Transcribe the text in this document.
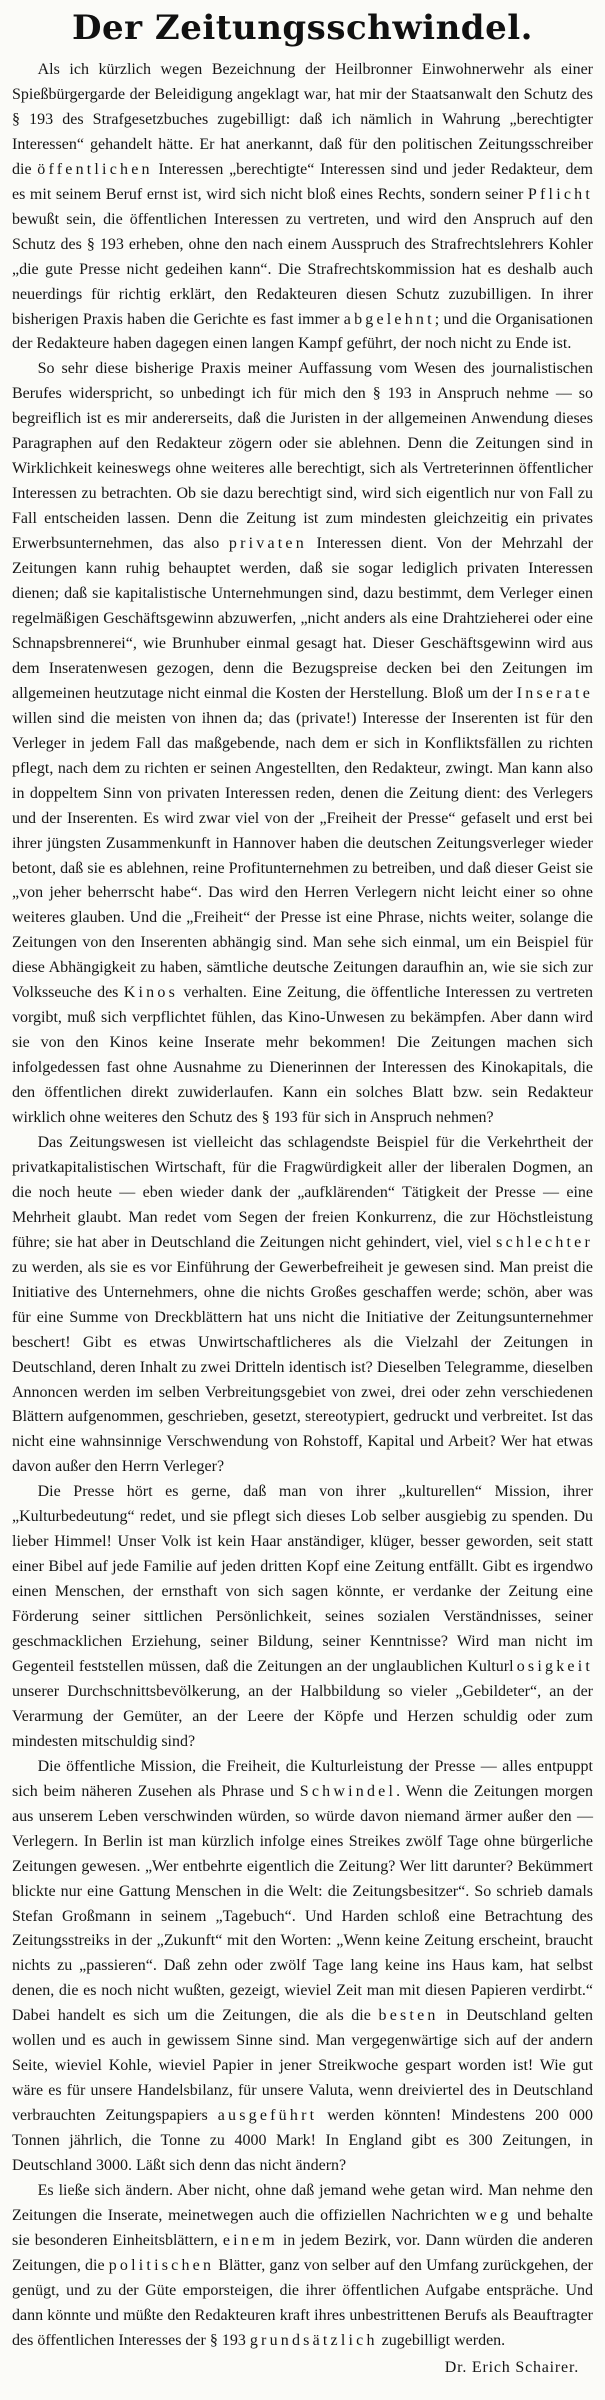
Der Zeitungsschwindel.

Als ich kürzlich wegen Bezeichnung der Heilbronner Einwohnerwehr als einer Spießbürgergarde der Beleidigung angeklagt war, hat mir der Staatsanwalt den Schutz des § 193 des Strafgesetzbuches zugebilligt: daß ich nämlich in Wahrung „berechtigter Interessen“ gehandelt hätte. Er hat anerkannt, daß für den politischen Zeitungsschreiber die öffentlichen Interessen „berechtigte“ Interessen sind und jeder Redakteur, dem es mit seinem Beruf ernst ist, wird sich nicht bloß eines Rechts, sondern seiner Pflicht bewußt sein, die öffentlichen Interessen zu vertreten, und wird den Anspruch auf den Schutz des § 193 erheben, ohne den nach einem Ausspruch des Strafrechtslehrers Kohler „die gute Presse nicht gedeihen kann“. Die Strafrechtskommission hat es deshalb auch neuerdings für richtig erklärt, den Redakteuren diesen Schutz zuzubilligen. In ihrer bisherigen Praxis haben die Gerichte es fast immer abgelehnt; und die Organisationen der Redakteure haben dagegen einen langen Kampf geführt, der noch nicht zu Ende ist.

So sehr diese bisherige Praxis meiner Auffassung vom Wesen des journalistischen Berufes widerspricht, so unbedingt ich für mich den § 193 in Anspruch nehme — so begreiflich ist es mir andererseits, daß die Juristen in der allgemeinen Anwendung dieses Paragraphen auf den Redakteur zögern oder sie ablehnen. Denn die Zeitungen sind in Wirklichkeit keineswegs ohne weiteres alle berechtigt, sich als Vertreterinnen öffentlicher Interessen zu betrachten. Ob sie dazu berechtigt sind, wird sich eigentlich nur von Fall zu Fall entscheiden lassen. Denn die Zeitung ist zum mindesten gleichzeitig ein privates Erwerbsunternehmen, das also privaten Interessen dient. Von der Mehrzahl der Zeitungen kann ruhig behauptet werden, daß sie sogar lediglich privaten Interessen dienen; daß sie kapitalistische Unternehmungen sind, dazu bestimmt, dem Verleger einen regelmäßigen Geschäftsgewinn abzuwerfen, „nicht anders als eine Drahtzieherei oder eine Schnapsbrennerei“, wie Brunhuber einmal gesagt hat. Dieser Geschäftsgewinn wird aus dem Inseratenwesen gezogen, denn die Bezugspreise decken bei den Zeitungen im allgemeinen heutzutage nicht einmal die Kosten der Herstellung. Bloß um der Inserate willen sind die meisten von ihnen da; das (private!) Interesse der Inserenten ist für den Verleger in jedem Fall das maßgebende, nach dem er sich in Konfliktsfällen zu richten pflegt, nach dem zu richten er seinen Angestellten, den Redakteur, zwingt. Man kann also in doppeltem Sinn von privaten Interessen reden, denen die Zeitung dient: des Verlegers und der Inserenten. Es wird zwar viel von der „Freiheit der Presse“ gefaselt und erst bei ihrer jüngsten Zusammenkunft in Hannover haben die deutschen Zeitungsverleger wieder betont, daß sie es ablehnen, reine Profitunternehmen zu betreiben, und daß dieser Geist sie „von jeher beherrscht habe“. Das wird den Herren Verlegern nicht leicht einer so ohne weiteres glauben. Und die „Freiheit“ der Presse ist eine Phrase, nichts weiter, solange die Zeitungen von den Inserenten abhängig sind. Man sehe sich einmal, um ein Beispiel für diese Abhängigkeit zu haben, sämtliche deutsche Zeitungen daraufhin an, wie sie sich zur Volksseuche des Kinos verhalten. Eine Zeitung, die öffentliche Interessen zu vertreten vorgibt, muß sich verpflichtet fühlen, das Kino-Unwesen zu bekämpfen. Aber dann wird sie von den Kinos keine Inserate mehr bekommen! Die Zeitungen machen sich infolgedessen fast ohne Ausnahme zu Dienerinnen der Interessen des Kinokapitals, die den öffentlichen direkt zuwiderlaufen. Kann ein solches Blatt bzw. sein Redakteur wirklich ohne weiteres den Schutz des § 193 für sich in Anspruch nehmen?

Das Zeitungswesen ist vielleicht das schlagendste Beispiel für die Verkehrtheit der privatkapitalistischen Wirtschaft, für die Fragwürdigkeit aller der liberalen Dogmen, an die noch heute — eben wieder dank der „aufklärenden“ Tätigkeit der Presse — eine Mehrheit glaubt. Man redet vom Segen der freien Konkurrenz, die zur Höchstleistung führe; sie hat aber in Deutschland die Zeitungen nicht gehindert, viel, viel schlechter zu werden, als sie es vor Einführung der Gewerbefreiheit je gewesen sind. Man preist die Initiative des Unternehmers, ohne die nichts Großes geschaffen werde; schön, aber was für eine Summe von Dreckblättern hat uns nicht die Initiative der Zeitungsunternehmer beschert! Gibt es etwas Unwirtschaftlicheres als die Vielzahl der Zeitungen in Deutschland, deren Inhalt zu zwei Dritteln identisch ist? Dieselben Telegramme, dieselben Annoncen werden im selben Verbreitungsgebiet von zwei, drei oder zehn verschiedenen Blättern aufgenommen, geschrieben, gesetzt, stereotypiert, gedruckt und verbreitet. Ist das nicht eine wahnsinnige Verschwendung von Rohstoff, Kapital und Arbeit? Wer hat etwas davon außer den Herrn Verleger?

Die Presse hört es gerne, daß man von ihrer „kulturellen“ Mission, ihrer „Kulturbedeutung“ redet, und sie pflegt sich dieses Lob selber ausgiebig zu spenden. Du lieber Himmel! Unser Volk ist kein Haar anständiger, klüger, besser geworden, seit statt einer Bibel auf jede Familie auf jeden dritten Kopf eine Zeitung entfällt. Gibt es irgendwo einen Menschen, der ernsthaft von sich sagen könnte, er verdanke der Zeitung eine Förderung seiner sittlichen Persönlichkeit, seines sozialen Verständnisses, seiner geschmacklichen Erziehung, seiner Bildung, seiner Kenntnisse? Wird man nicht im Gegenteil feststellen müssen, daß die Zeitungen an der unglaublichen Kulturlosigkeit unserer Durchschnittsbevölkerung, an der Halbbildung so vieler „Gebildeter“, an der Verarmung der Gemüter, an der Leere der Köpfe und Herzen schuldig oder zum mindesten mitschuldig sind?

Die öffentliche Mission, die Freiheit, die Kulturleistung der Presse — alles entpuppt sich beim näheren Zusehen als Phrase und Schwindel. Wenn die Zeitungen morgen aus unserem Leben verschwinden würden, so würde davon niemand ärmer außer den — Verlegern. In Berlin ist man kürzlich infolge eines Streikes zwölf Tage ohne bürgerliche Zeitungen gewesen. „Wer entbehrte eigentlich die Zeitung? Wer litt darunter? Bekümmert blickte nur eine Gattung Menschen in die Welt: die Zeitungsbesitzer“. So schrieb damals Stefan Großmann in seinem „Tagebuch“. Und Harden schloß eine Betrachtung des Zeitungsstreiks in der „Zukunft“ mit den Worten: „Wenn keine Zeitung erscheint, braucht nichts zu „passieren“. Daß zehn oder zwölf Tage lang keine ins Haus kam, hat selbst denen, die es noch nicht wußten, gezeigt, wieviel Zeit man mit diesen Papieren verdirbt.“ Dabei handelt es sich um die Zeitungen, die als die besten in Deutschland gelten wollen und es auch in gewissem Sinne sind. Man vergegenwärtige sich auf der andern Seite, wieviel Kohle, wieviel Papier in jener Streikwoche gespart worden ist! Wie gut wäre es für unsere Handelsbilanz, für unsere Valuta, wenn dreiviertel des in Deutschland verbrauchten Zeitungspapiers ausgeführt werden könnten! Mindestens 200 000 Tonnen jährlich, die Tonne zu 4000 Mark! In England gibt es 300 Zeitungen, in Deutschland 3000. Läßt sich denn das nicht ändern?

Es ließe sich ändern. Aber nicht, ohne daß jemand wehe getan wird. Man nehme den Zeitungen die Inserate, meinetwegen auch die offiziellen Nachrichten weg und behalte sie besonderen Einheitsblättern, einem in jedem Bezirk, vor. Dann würden die anderen Zeitungen, die politischen Blätter, ganz von selber auf den Umfang zurückgehen, der genügt, und zu der Güte emporsteigen, die ihrer öffentlichen Aufgabe entspräche. Und dann könnte und müßte den Redakteuren kraft ihres unbestrittenen Berufs als Beauftragter des öffentlichen Interesses der § 193 grundsätzlich zugebilligt werden.

Dr. Erich Schairer.
